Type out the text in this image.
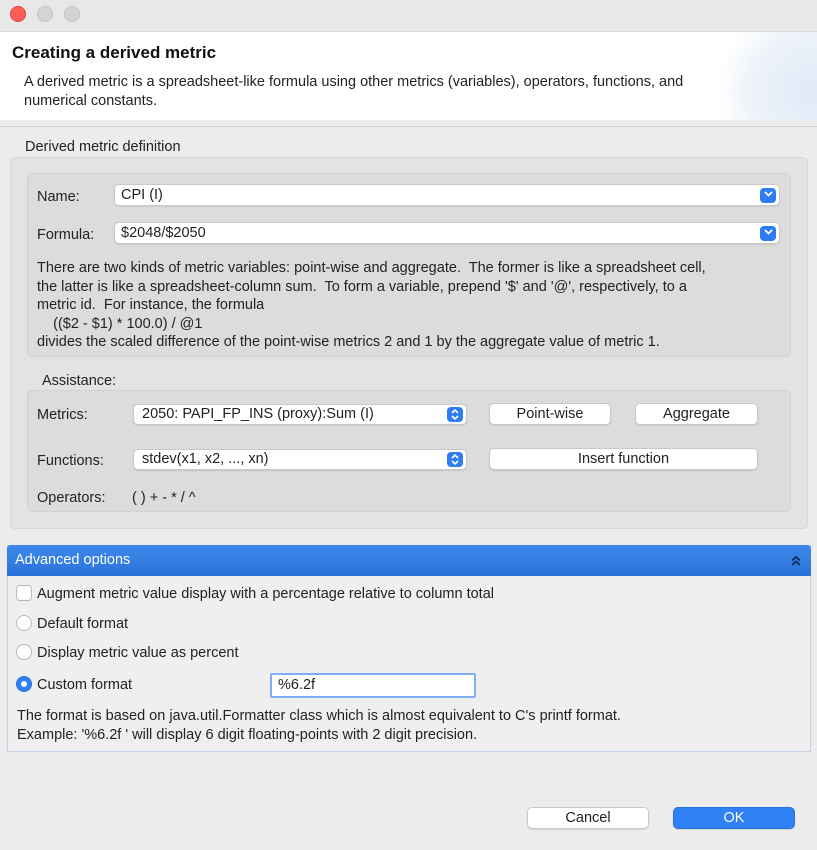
Creating a derived metric
A derived metric is a spreadsheet-like formula using other metrics (variables), operators, functions, and numerical constants.
Derived metric definition
Name:	CPI (I)
Formula:	$2048/$2050
There are two kinds of metric variables: point-wise and aggregate.  The former is like a spreadsheet cell,
the latter is like a spreadsheet-column sum.  To form a variable, prepend '$' and '@', respectively, to a
metric id.  For instance, the formula
(($2 - $1) * 100.0) / @1
divides the scaled difference of the point-wise metrics 2 and 1 by the aggregate value of metric 1.
Assistance:
Metrics:	2050: PAPI_FP_INS (proxy):Sum (I)	Point-wise	Aggregate
Functions:	stdev(x1, x2, ..., xn)	Insert function
Operators: ( ) + - * / ^
Advanced options
Augment metric value display with a percentage relative to column total
Default format
Display metric value as percent
Custom format	%6.2f
The format is based on java.util.Formatter class which is almost equivalent to C's printf format.
Example: '%6.2f ' will display 6 digit floating-points with 2 digit precision.
Cancel	OK
